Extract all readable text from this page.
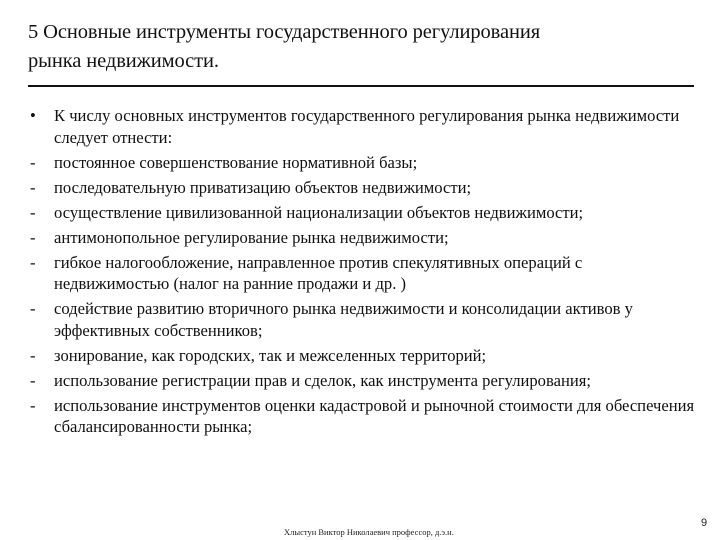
5 Основные инструменты государственного регулирования
рынка недвижимости.
•	К числу основных инструментов государственного регулирования рынка недвижимости следует отнести:
-	постоянное совершенствование нормативной базы;
-	последовательную приватизацию объектов недвижимости;
-	осуществление цивилизованной национализации объектов недвижимости;
-	антимонопольное регулирование рынка недвижимости;
-	гибкое налогообложение, направленное против спекулятивных операций с недвижимостью (налог на ранние продажи и др. )
-	содействие развитию вторичного рынка недвижимости и консолидации активов у эффективных собственников;
-	зонирование, как городских, так и межселенных территорий;
-	использование регистрации прав и сделок, как инструмента регулирования;
-	использование инструментов оценки кадастровой и рыночной стоимости для обеспечения сбалансированности рынка;
Хлыстун Виктор Николаевич профессор, д.э.н.
9
